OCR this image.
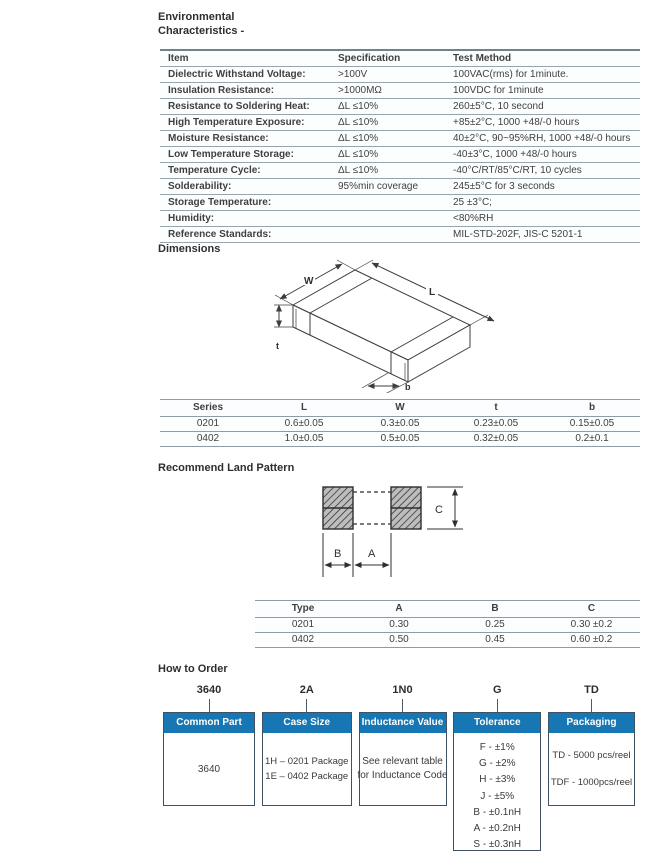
Environmental
Characteristics -
Item	Specification	Test Method
Dielectric Withstand Voltage:	>100V	100VAC(rms) for 1minute.
Insulation Resistance:	>1000MΩ	100VDC for 1minute
Resistance to Soldering Heat:	ΔL ≤10%	260±5°C, 10 second
High Temperature Exposure:	ΔL ≤10%	+85±2°C, 1000 +48/-0 hours
Moisture Resistance:	ΔL ≤10%	40±2°C, 90~95%RH, 1000 +48/-0 hours
Low Temperature Storage:	ΔL ≤10%	-40±3°C, 1000 +48/-0 hours
Temperature Cycle:	ΔL ≤10%	-40°C/RT/85°C/RT, 10 cycles
Solderability:	95%min coverage	245±5°C for 3 seconds
Storage Temperature:		25 ±3°C;
Humidity:		<80%RH
Reference Standards:		MIL-STD-202F, JIS-C 5201-1
Dimensions
W
L
t
b
Series	L	W	t	b
0201	0.6±0.05	0.3±0.05	0.23±0.05	0.15±0.05
0402	1.0±0.05	0.5±0.05	0.32±0.05	0.2±0.1
Recommend Land Pattern
C
B A
Type	A	B	C
0201	0.30	0.25	0.30 ±0.2
0402	0.50	0.45	0.60 ±0.2
How to Order
3640
Common Part
3640
2A
Case Size
1H – 0201 Package
1E – 0402 Package
1N0
Inductance Value
See relevant table
for Inductance Code
G
Tolerance
F - ±1%
G - ±2%
H - ±3%
J - ±5%
B - ±0.1nH
A - ±0.2nH
S - ±0.3nH
TD
Packaging
TD - 5000 pcs/reel
TDF - 1000pcs/reel
